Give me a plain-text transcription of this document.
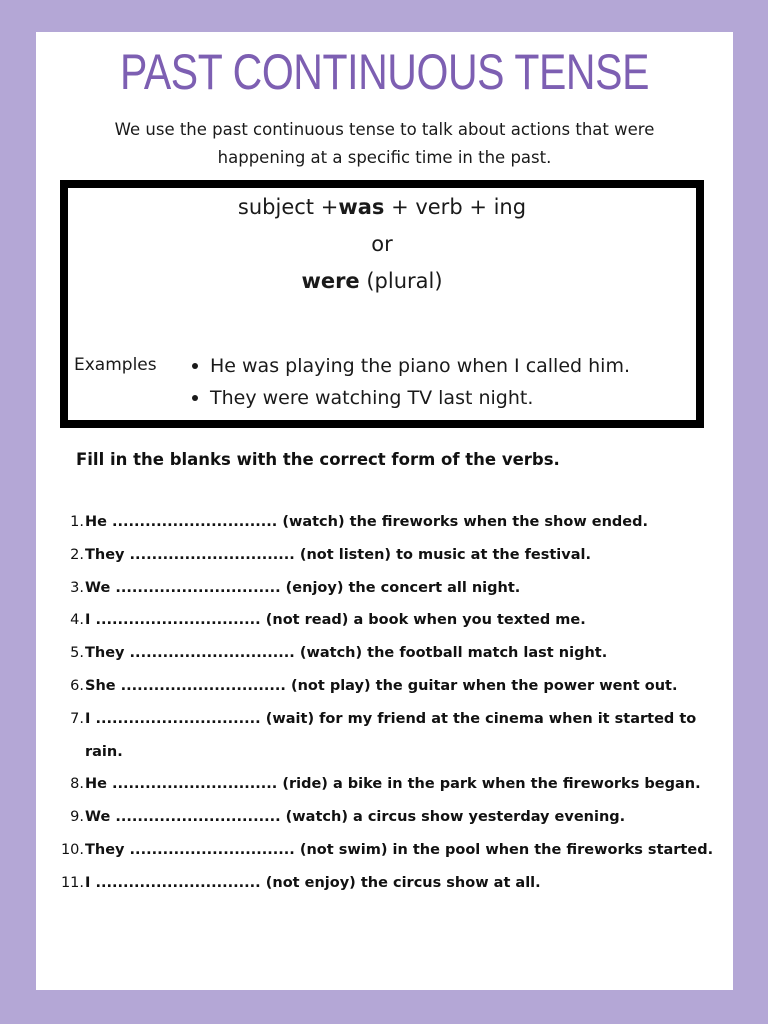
PAST CONTINUOUS TENSE
We use the past continuous tense to talk about actions that were
happening at a specific time in the past.
subject +was + verb + ing
or
were (plural)
Examples	He was playing the piano when I called him.
They were watching TV last night.
Fill in the blanks with the correct form of the verbs.
1. He .............................. (watch) the fireworks when the show ended.
2. They .............................. (not listen) to music at the festival.
3. We .............................. (enjoy) the concert all night.
4. I .............................. (not read) a book when you texted me.
5. They .............................. (watch) the football match last night.
6. She .............................. (not play) the guitar when the power went out.
7. I .............................. (wait) for my friend at the cinema when it started to rain.
8. He .............................. (ride) a bike in the park when the fireworks began.
9. We .............................. (watch) a circus show yesterday evening.
10. They .............................. (not swim) in the pool when the fireworks started.
11. I .............................. (not enjoy) the circus show at all.
